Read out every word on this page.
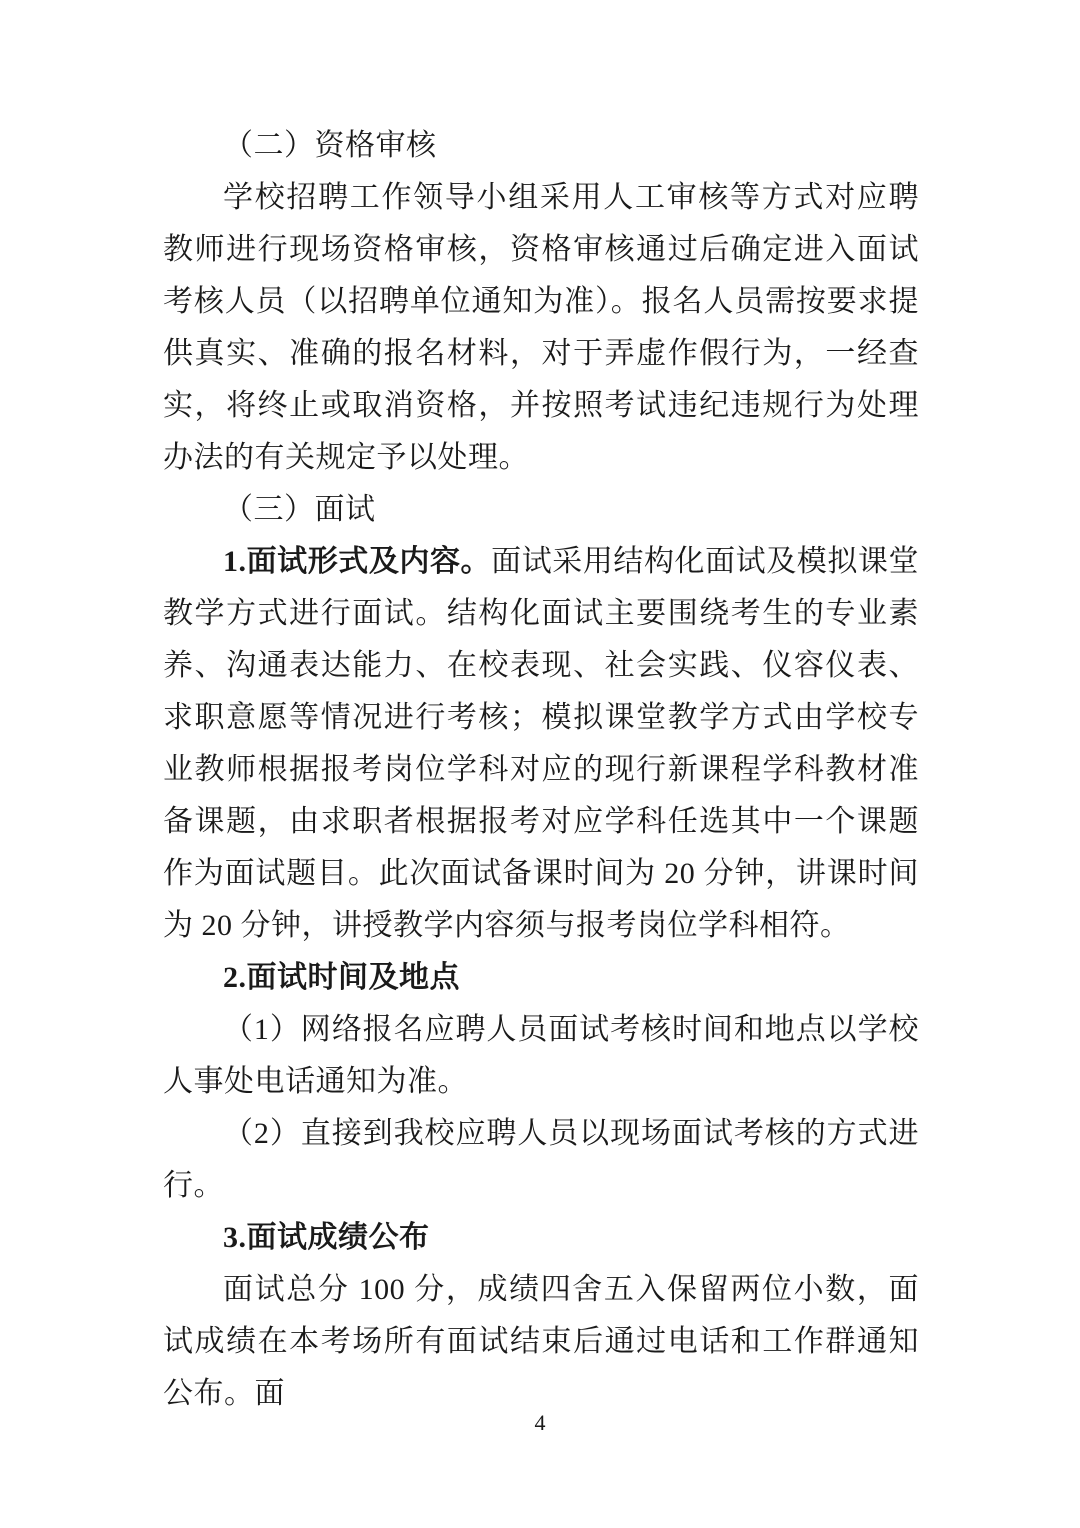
（二）资格审核

学校招聘工作领导小组采用人工审核等方式对应聘教师进行现场资格审核，资格审核通过后确定进入面试考核人员（以招聘单位通知为准）。报名人员需按要求提供真实、准确的报名材料，对于弄虚作假行为，一经查实，将终止或取消资格，并按照考试违纪违规行为处理办法的有关规定予以处理。

（三）面试

1.面试形式及内容。面试采用结构化面试及模拟课堂教学方式进行面试。结构化面试主要围绕考生的专业素养、沟通表达能力、在校表现、社会实践、仪容仪表、求职意愿等情况进行考核；模拟课堂教学方式由学校专业教师根据报考岗位学科对应的现行新课程学科教材准备课题，由求职者根据报考对应学科任选其中一个课题作为面试题目。此次面试备课时间为 20 分钟，讲课时间为 20 分钟，讲授教学内容须与报考岗位学科相符。

2.面试时间及地点

（1）网络报名应聘人员面试考核时间和地点以学校人事处电话通知为准。

（2）直接到我校应聘人员以现场面试考核的方式进行。

3.面试成绩公布

面试总分 100 分，成绩四舍五入保留两位小数，面试成绩在本考场所有面试结束后通过电话和工作群通知公布。面

4
